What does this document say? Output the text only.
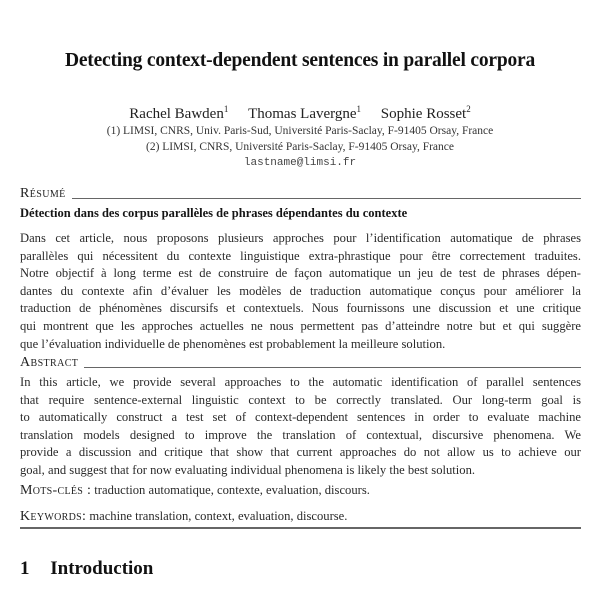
Detecting context-dependent sentences in parallel corpora
Rachel Bawden$^1$ Thomas Lavergne$^1$ Sophie Rosset$^2$
(1) LIMSI, CNRS, Univ. Paris-Sud, Université Paris-Saclay, F-91405 Orsay, France
(2) LIMSI, CNRS, Université Paris-Saclay, F-91405 Orsay, France
lastname@limsi.fr
Résumé
Détection dans des corpus parallèles de phrases dépendantes du contexte
Dans cet article, nous proposons plusieurs approches pour l’identification automatique de phrases
parallèles qui nécessitent du contexte linguistique extra-phrastique pour être correctement traduites.
Notre objectif à long terme est de construire de façon automatique un jeu de test de phrases dépen-
dantes du contexte afin d’évaluer les modèles de traduction automatique conçus pour améliorer la
traduction de phénomènes discursifs et contextuels. Nous fournissons une discussion et une critique
qui montrent que les approches actuelles ne nous permettent pas d’atteindre notre but et qui suggère
que l’évaluation individuelle de phenomènes est probablement la meilleure solution.
Abstract
In this article, we provide several approaches to the automatic identification of parallel sentences
that require sentence-external linguistic context to be correctly translated. Our long-term goal is
to automatically construct a test set of context-dependent sentences in order to evaluate machine
translation models designed to improve the translation of contextual, discursive phenomena. We
provide a discussion and critique that show that current approaches do not allow us to achieve our
goal, and suggest that for now evaluating individual phenomena is likely the best solution.
Mots-clés : traduction automatique, contexte, evaluation, discours.
Keywords: machine translation, context, evaluation, discourse.
1 Introduction
